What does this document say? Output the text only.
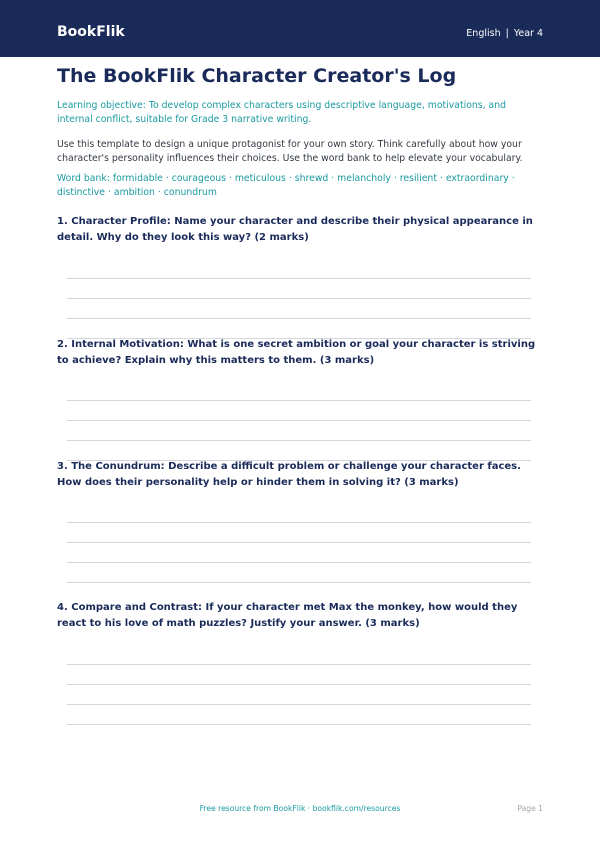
BookFlik	English | Year 4
The BookFlik Character Creator's Log

Learning objective: To develop complex characters using descriptive language, motivations, and internal conflict, suitable for Grade 3 narrative writing.

Use this template to design a unique protagonist for your own story. Think carefully about how your character's personality influences their choices. Use the word bank to help elevate your vocabulary.

Word bank: formidable · courageous · meticulous · shrewd · melancholy · resilient · extraordinary · distinctive · ambition · conundrum

1. Character Profile: Name your character and describe their physical appearance in detail. Why do they look this way? (2 marks)

2. Internal Motivation: What is one secret ambition or goal your character is striving to achieve? Explain why this matters to them. (3 marks)

3. The Conundrum: Describe a difficult problem or challenge your character faces. How does their personality help or hinder them in solving it? (3 marks)

4. Compare and Contrast: If your character met Max the monkey, how would they react to his love of math puzzles? Justify your answer. (3 marks)

Free resource from BookFlik · bookflik.com/resources	Page 1
